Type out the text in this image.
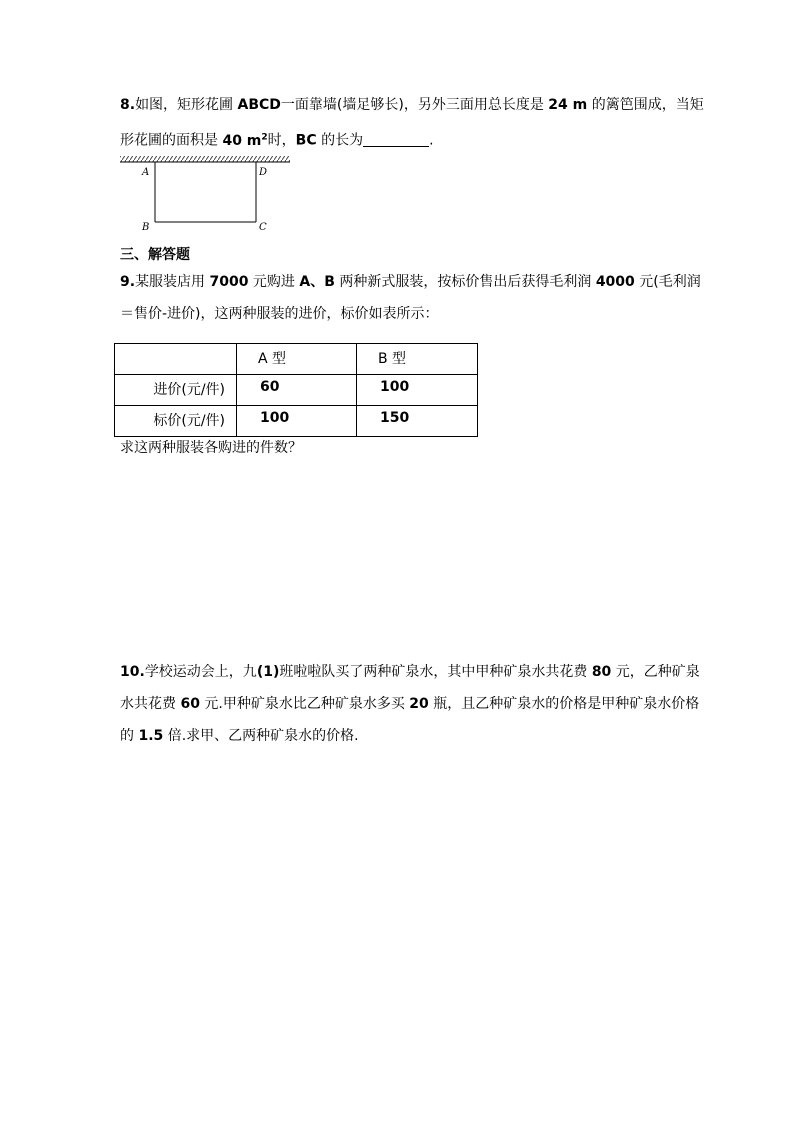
8.如图，矩形花圃 ABCD一面靠墙(墙足够长)，另外三面用总长度是 24 m 的篱笆围成，当矩形花圃的面积是 40 $m^2$时，BC 的长为	.

A	D
B	C

三、解答题

9.某服装店用 7000 元购进 A、B 两种新式服装，按标价售出后获得毛利润 4000 元(毛利润＝售价-进价)，这两种服装的进价，标价如表所示：

	A 型	B 型

进价(元/件)	60	100

标价(元/件)	100	150

求这两种服装各购进的件数？

10.学校运动会上，九(1)班啦啦队买了两种矿泉水，其中甲种矿泉水共花费 80 元，乙种矿泉水共花费 60 元.甲种矿泉水比乙种矿泉水多买 20 瓶，且乙种矿泉水的价格是甲种矿泉水价格的 1.5 倍.求甲、乙两种矿泉水的价格.
